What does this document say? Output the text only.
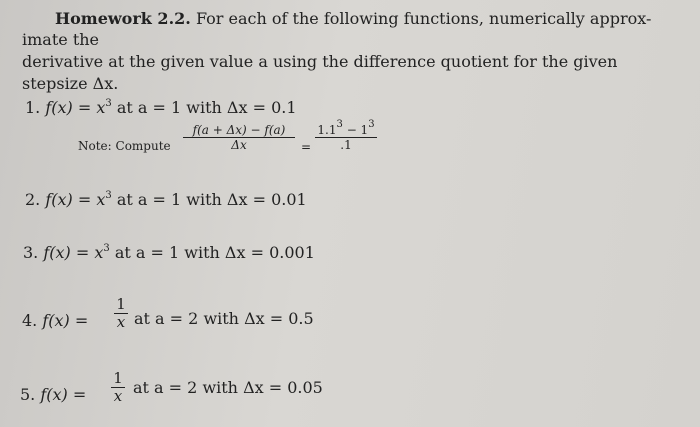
Homework 2.2. For each of the following functions, numerically approx-
imate the
derivative at the given value a using the difference quotient for the given
stepsize Δx.
1. $f(x) = x^3$ at a = 1 with Δx = 0.1
Note: Compute
f(a + Δx) − f(a)
Δx	=
$1.1^3 - 1^3$
.1
2. $f(x) = x^3$ at a = 1 with Δx = 0.01
3. $f(x) = x^3$ at a = 1 with Δx = 0.001
4. f(x) =
1
x at a = 2 with Δx = 0.5
5. f(x) =
1
x at a = 2 with Δx = 0.05
